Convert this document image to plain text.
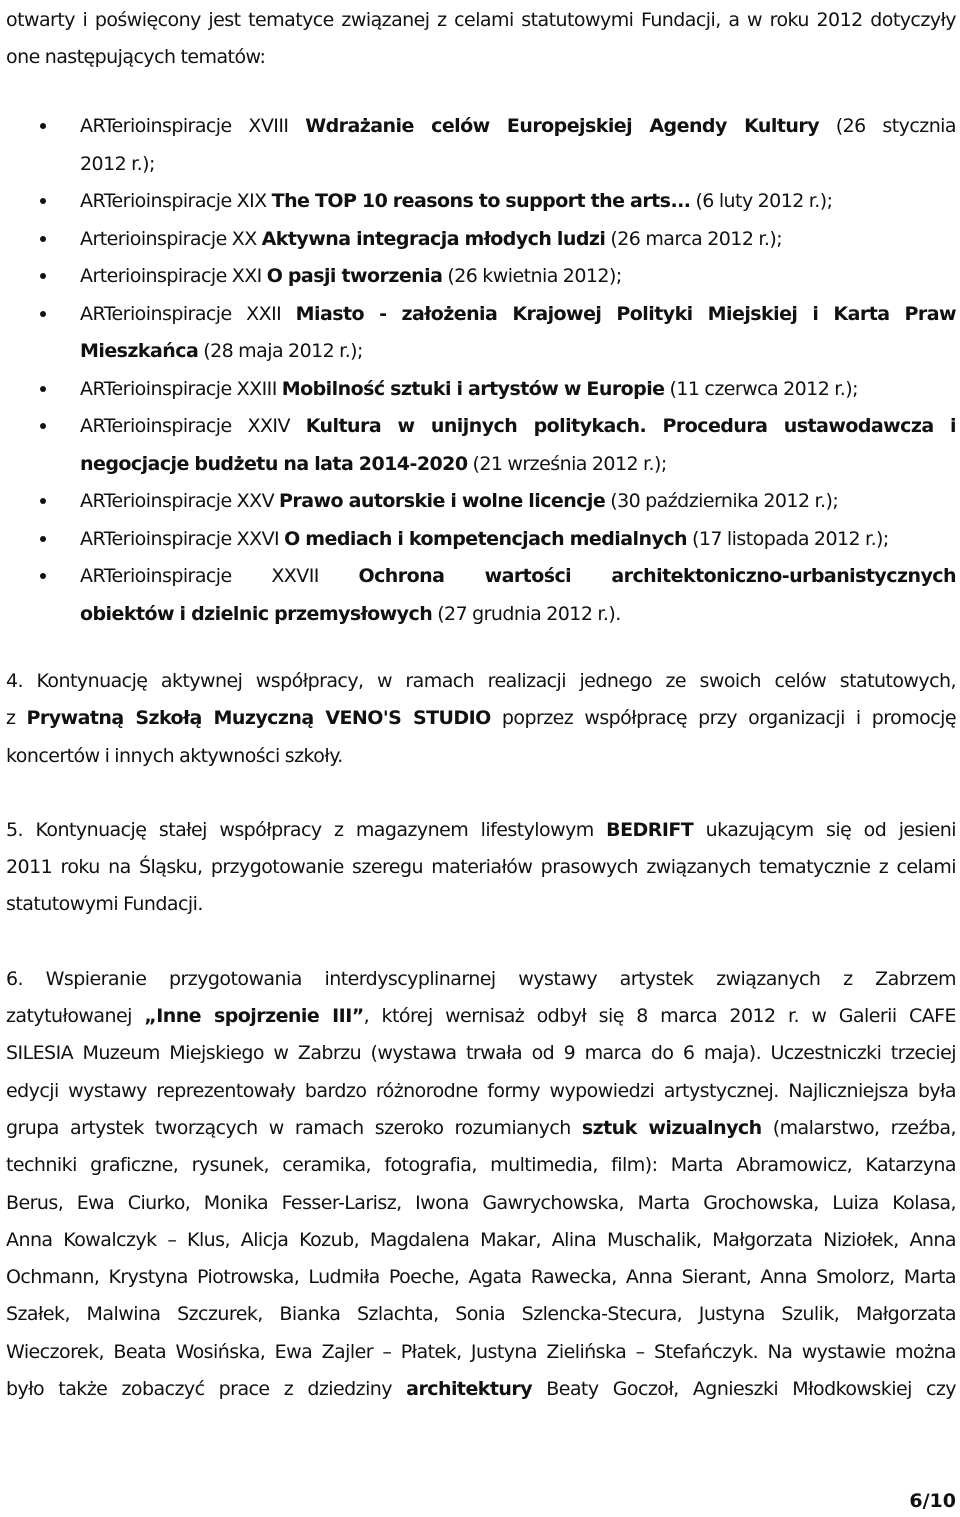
otwarty i poświęcony jest tematyce związanej z celami statutowymi Fundacji, a w roku 2012 dotyczyły
one następujących tematów:

ARTerioinspiracje XVIII Wdrażanie celów Europejskiej Agendy Kultury (26 stycznia
2012 r.);
ARTerioinspiracje XIX The TOP 10 reasons to support the arts... (6 luty 2012 r.);
Arterioinspiracje XX Aktywna integracja młodych ludzi (26 marca 2012 r.);
Arterioinspiracje XXI O pasji tworzenia (26 kwietnia 2012);
ARTerioinspiracje XXII Miasto - założenia Krajowej Polityki Miejskiej i Karta Praw
Mieszkańca (28 maja 2012 r.);
ARTerioinspiracje XXIII Mobilność sztuki i artystów w Europie (11 czerwca 2012 r.);
ARTerioinspiracje XXIV Kultura w unijnych politykach. Procedura ustawodawcza i
negocjacje budżetu na lata 2014-2020 (21 września 2012 r.);
ARTerioinspiracje XXV Prawo autorskie i wolne licencje (30 października 2012 r.);
ARTerioinspiracje XXVI O mediach i kompetencjach medialnych (17 listopada 2012 r.);
ARTerioinspiracje XXVII Ochrona wartości architektoniczno-urbanistycznych
obiektów i dzielnic przemysłowych (27 grudnia 2012 r.).

4. Kontynuację aktywnej współpracy, w ramach realizacji jednego ze swoich celów statutowych,
z Prywatną Szkołą Muzyczną VENO'S STUDIO poprzez współpracę przy organizacji i promocję
koncertów i innych aktywności szkoły.

5. Kontynuację stałej współpracy z magazynem lifestylowym BEDRIFT ukazującym się od jesieni
2011 roku na Śląsku, przygotowanie szeregu materiałów prasowych związanych tematycznie z celami
statutowymi Fundacji.

6. Wspieranie przygotowania interdyscyplinarnej wystawy artystek związanych z Zabrzem
zatytułowanej „Inne spojrzenie III”, której wernisaż odbył się 8 marca 2012 r. w Galerii CAFE
SILESIA Muzeum Miejskiego w Zabrzu (wystawa trwała od 9 marca do 6 maja). Uczestniczki trzeciej
edycji wystawy reprezentowały bardzo różnorodne formy wypowiedzi artystycznej. Najliczniejsza była
grupa artystek tworzących w ramach szeroko rozumianych sztuk wizualnych (malarstwo, rzeźba,
techniki graficzne, rysunek, ceramika, fotografia, multimedia, film): Marta Abramowicz, Katarzyna
Berus, Ewa Ciurko, Monika Fesser-Larisz, Iwona Gawrychowska, Marta Grochowska, Luiza Kolasa,
Anna Kowalczyk – Klus, Alicja Kozub, Magdalena Makar, Alina Muschalik, Małgorzata Niziołek, Anna
Ochmann, Krystyna Piotrowska, Ludmiła Poeche, Agata Rawecka, Anna Sierant, Anna Smolorz, Marta
Szałek, Malwina Szczurek, Bianka Szlachta, Sonia Szlencka-Stecura, Justyna Szulik, Małgorzata
Wieczorek, Beata Wosińska, Ewa Zajler – Płatek, Justyna Zielińska – Stefańczyk. Na wystawie można
było także zobaczyć prace z dziedziny architektury Beaty Goczoł, Agnieszki Młodkowskiej czy

6/10
